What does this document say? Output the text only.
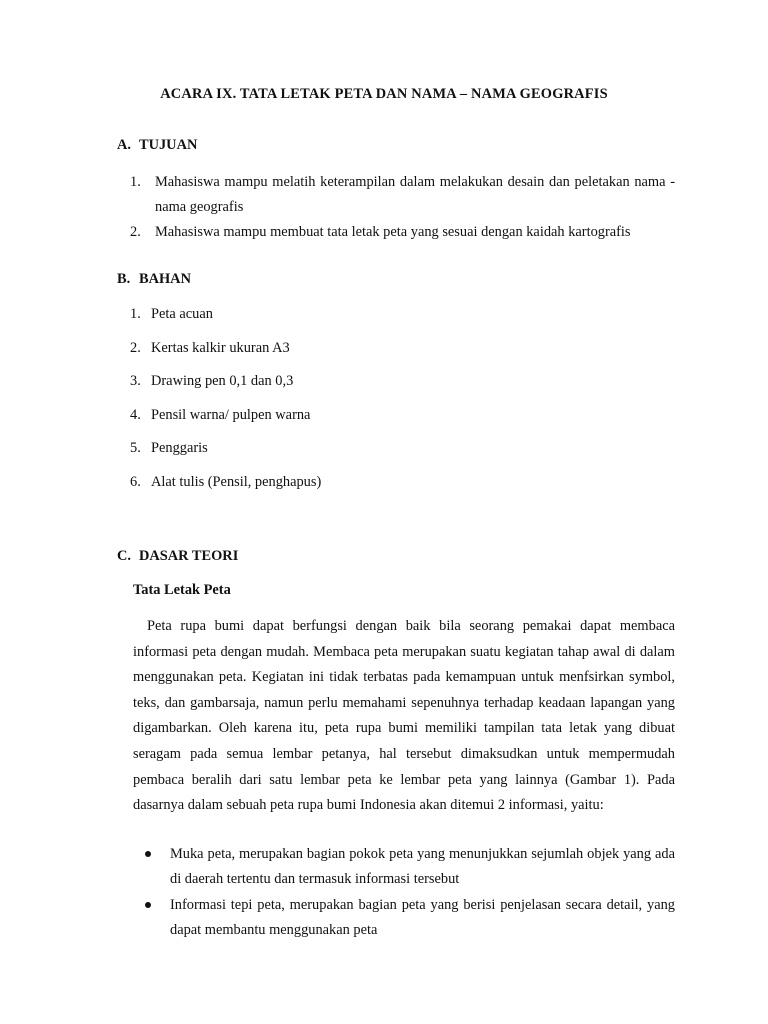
ACARA IX. TATA LETAK PETA DAN NAMA – NAMA GEOGRAFIS
A. TUJUAN
1. Mahasiswa mampu melatih keterampilan dalam melakukan desain dan peletakan nama - nama geografis
2. Mahasiswa mampu membuat tata letak peta yang sesuai dengan kaidah kartografis
B. BAHAN
1. Peta acuan
2. Kertas kalkir ukuran A3
3. Drawing pen 0,1 dan 0,3
4. Pensil warna/ pulpen warna
5. Penggaris
6. Alat tulis (Pensil, penghapus)
C. DASAR TEORI
Tata Letak Peta

Peta rupa bumi dapat berfungsi dengan baik bila seorang pemakai dapat membaca informasi peta dengan mudah. Membaca peta merupakan suatu kegiatan tahap awal di dalam menggunakan peta. Kegiatan ini tidak terbatas pada kemampuan untuk menfsirkan symbol, teks, dan gambarsaja, namun perlu memahami sepenuhnya terhadap keadaan lapangan yang digambarkan. Oleh karena itu, peta rupa bumi memiliki tampilan tata letak yang dibuat seragam pada semua lembar petanya, hal tersebut dimaksudkan untuk mempermudah pembaca beralih dari satu lembar peta ke lembar peta yang lainnya (Gambar 1). Pada dasarnya dalam sebuah peta rupa bumi Indonesia akan ditemui 2 informasi, yaitu:

Muka peta, merupakan bagian pokok peta yang menunjukkan sejumlah objek yang ada di daerah tertentu dan termasuk informasi tersebut
Informasi tepi peta, merupakan bagian peta yang berisi penjelasan secara detail, yang dapat membantu menggunakan peta
